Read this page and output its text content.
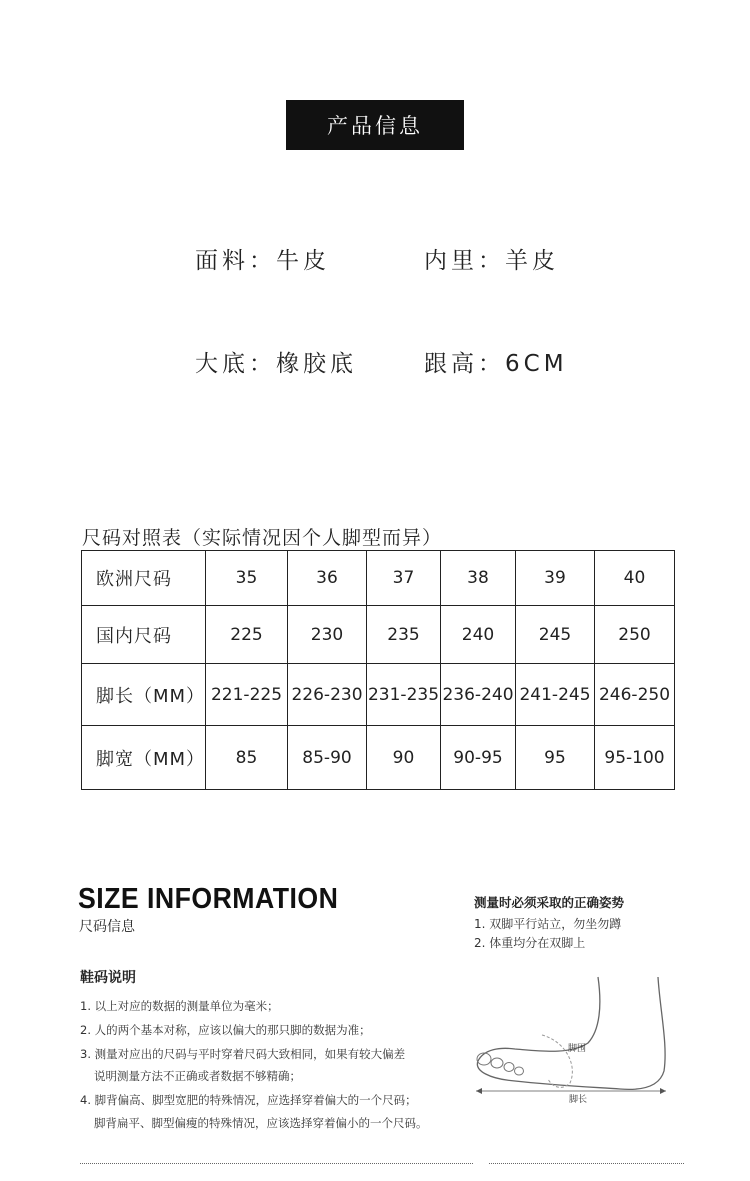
产品信息
面料：牛皮	内里：羊皮
大底：橡胶底	跟高：6CM
尺码对照表（实际情况因个人脚型而异）
欧洲尺码	35	36	37	38	39	40
国内尺码	225	230	235	240	245	250
脚长（MM）	221-225	226-230	231-235	236-240	241-245	246-250
脚宽（MM）	85	85-90	90	90-95	95	95-100
SIZE INFORMATION
尺码信息
鞋码说明
1. 以上对应的数据的测量单位为毫米；
2. 人的两个基本对称，应该以偏大的那只脚的数据为准；
3. 测量对应出的尺码与平时穿着尺码大致相同，如果有较大偏差
说明测量方法不正确或者数据不够精确；
4. 脚背偏高、脚型宽肥的特殊情况，应选择穿着偏大的一个尺码；
脚背扁平、脚型偏瘦的特殊情况，应该选择穿着偏小的一个尺码。
测量时必须采取的正确姿势
1. 双脚平行站立，勿坐勿蹲
2. 体重均分在双脚上
脚围
脚长
